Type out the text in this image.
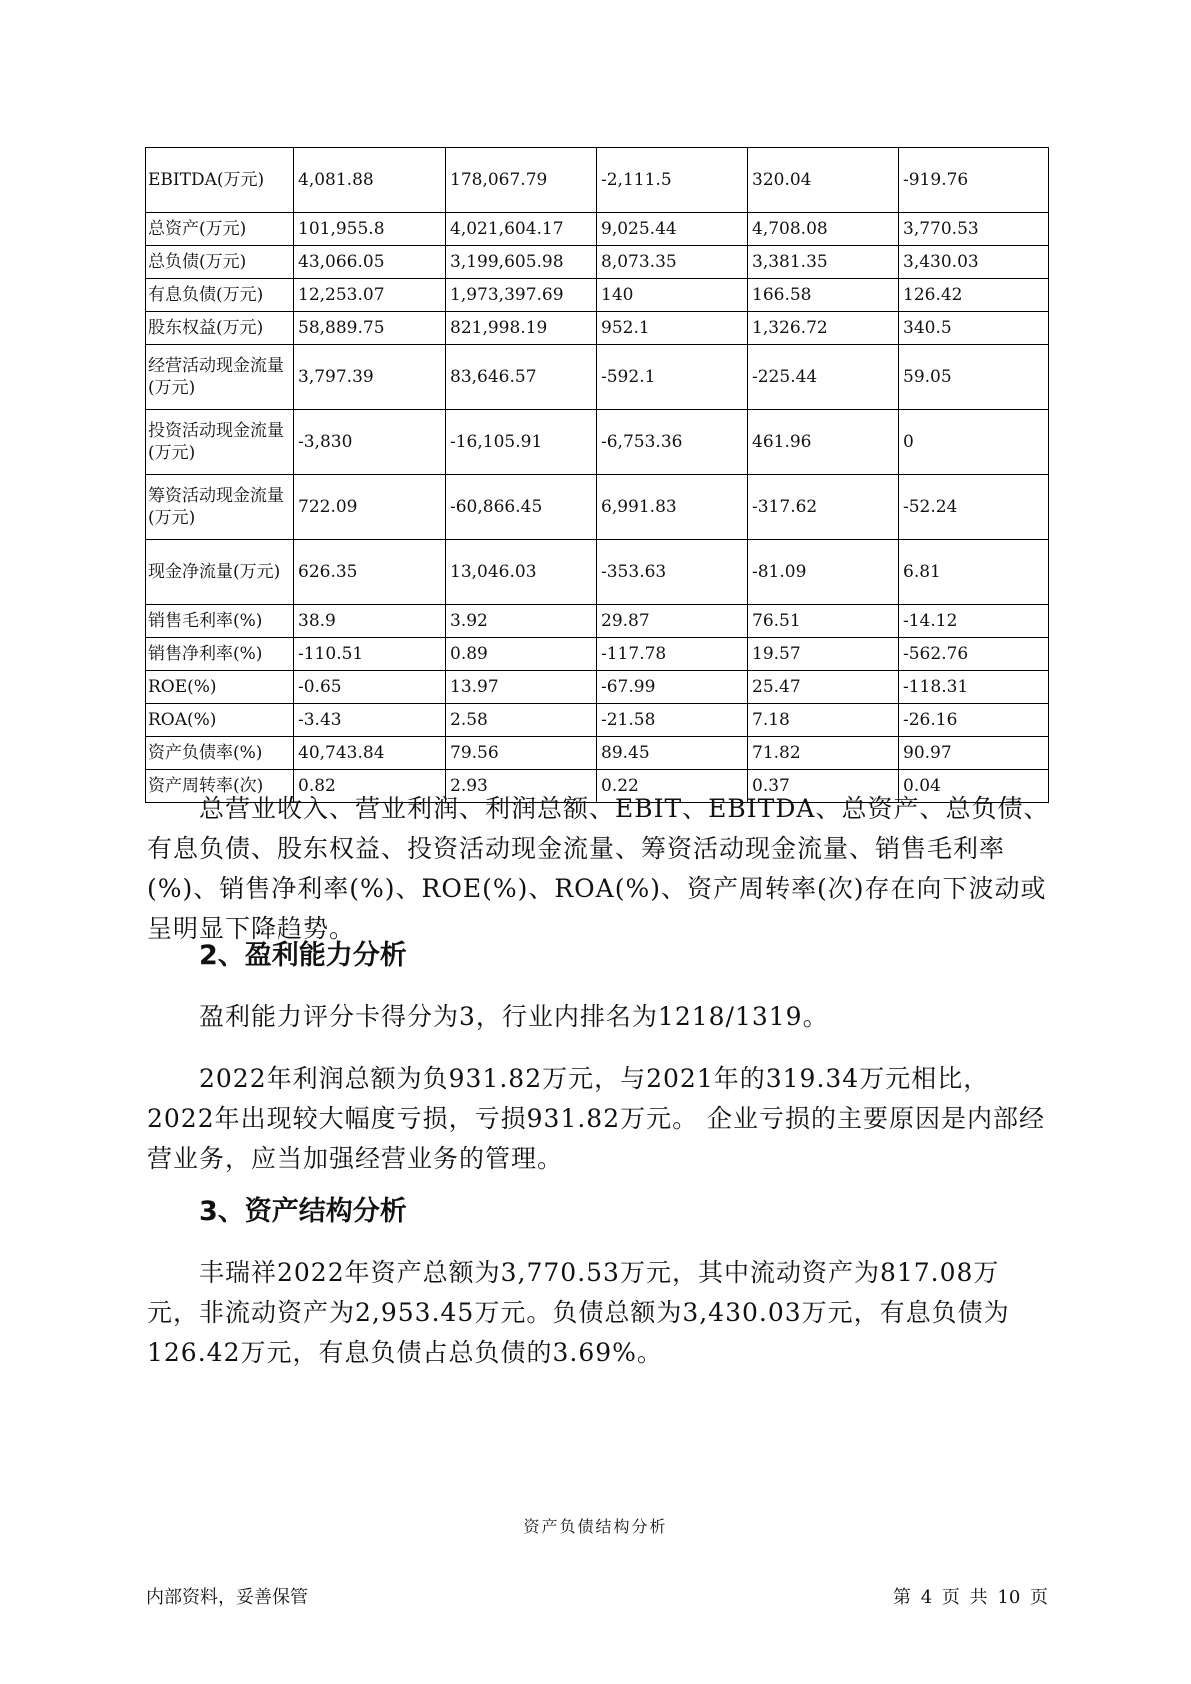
EBITDA(万元)	4,081.88	178,067.79	-2,111.5	320.04	-919.76
总资产(万元)	101,955.8	4,021,604.17	9,025.44	4,708.08	3,770.53
总负债(万元)	43,066.05	3,199,605.98	8,073.35	3,381.35	3,430.03
有息负债(万元)	12,253.07	1,973,397.69	140	166.58	126.42
股东权益(万元)	58,889.75	821,998.19	952.1	1,326.72	340.5
经营活动现金流量(万元)	3,797.39	83,646.57	-592.1	-225.44	59.05
投资活动现金流量(万元)	-3,830	-16,105.91	-6,753.36	461.96	0
筹资活动现金流量(万元)	722.09	-60,866.45	6,991.83	-317.62	-52.24
现金净流量(万元)	626.35	13,046.03	-353.63	-81.09	6.81
销售毛利率(%)	38.9	3.92	29.87	76.51	-14.12
销售净利率(%)	-110.51	0.89	-117.78	19.57	-562.76
ROE(%)	-0.65	13.97	-67.99	25.47	-118.31
ROA(%)	-3.43	2.58	-21.58	7.18	-26.16
资产负债率(%)	40,743.84	79.56	89.45	71.82	90.97
资产周转率(次)	0.82	2.93	0.22	0.37	0.04

总营业收入、营业利润、利润总额、EBIT、EBITDA、总资产、总负债、有息负债、股东权益、投资活动现金流量、筹资活动现金流量、销售毛利率(%)、销售净利率(%)、ROE(%)、ROA(%)、资产周转率(次)存在向下波动或呈明显下降趋势。

2、盈利能力分析

盈利能力评分卡得分为3，行业内排名为1218/1319。

2022年利润总额为负931.82万元，与2021年的319.34万元相比，2022年出现较大幅度亏损，亏损931.82万元。 企业亏损的主要原因是内部经营业务，应当加强经营业务的管理。

3、资产结构分析

丰瑞祥2022年资产总额为3,770.53万元，其中流动资产为817.08万元，非流动资产为2,953.45万元。负债总额为3,430.03万元，有息负债为126.42万元，有息负债占总负债的3.69%。

资产负债结构分析
内部资料，妥善保管	第 4 页 共 10 页
